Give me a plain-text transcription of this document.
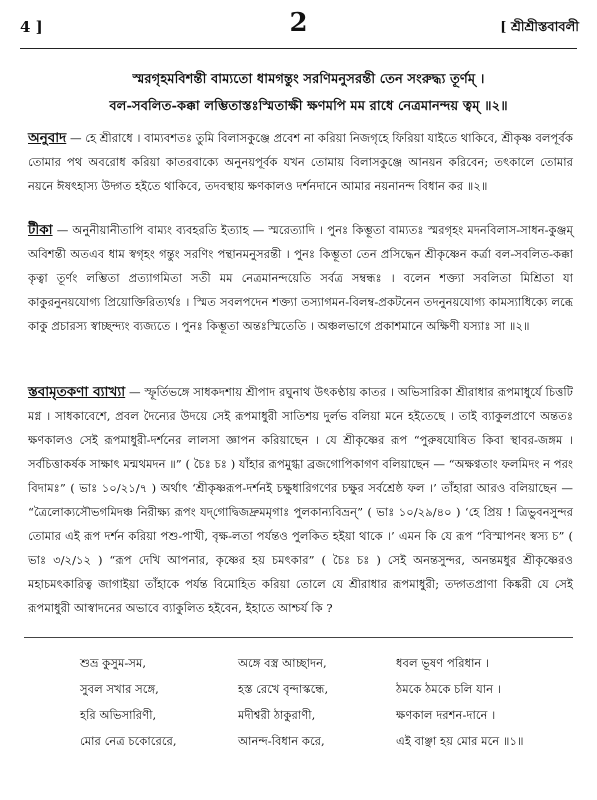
4 ]	2	[ শ্রীশ্রীস্তবাবলী
স্মরগৃহমবিশন্তী বাম্যতো ধামগন্তুং সরণিমনুসরন্তী তেন সংরুদ্ধ্য তূর্ণম্ ।
বল-সবলিত-কক্কা লম্ভিতাস্তঃস্মিতাক্ষী ক্ষণমপি মম রাধে নেত্রমানন্দয় ত্বম্ ॥২॥
অনুবাদ — হে শ্রীরাধে । বাম্যবশতঃ তুমি বিলাসকুঞ্জে প্রবেশ না করিয়া নিজগৃহে ফিরিয়া যাইতে থাকিবে, শ্রীকৃষ্ণ বলপূর্বক তোমার পথ অবরোধ করিয়া কাতরবাক্যে অনুনয়পূর্বক যখন তোমায় বিলাসকুঞ্জে আনয়ন করিবেন; তৎকালে তোমার নয়নে ঈষৎহাস্য উদ্গত হইতে থাকিবে, তদবস্থায় ক্ষণকালও দর্শনদানে আমার নয়নানন্দ বিধান কর ॥২॥
টীকা — অনুনীয়ানীতাপি বাম্যং ব্যবহরতি ইত্যাহ — স্মরেত্যাদি । পুনঃ কিম্ভূতা বাম্যতঃ স্মরগৃহং মদনবিলাস-সাধন-কুঞ্জম্ অবিশন্তী অতএব ধাম স্বগৃহং গন্তুং সরণিং পন্থানমনুসরন্তী । পুনঃ কিম্ভূতা তেন প্রসিদ্ধেন শ্রীকৃষ্ণেন কর্ত্রা বল-সবলিত-কক্কা কৃত্বা তূর্ণং লম্ভিতা প্রত্যাগমিতা সতী মম নেত্রমানন্দয়েতি সর্বত্র সম্বন্ধঃ । বলেন শক্ত্যা সবলিতা মিশ্রিতা যা কাকুরনুনয়যোগ্য প্রিয়োক্তিরিত্যর্থঃ । স্মিত সবলপদেন শক্ত্যা তস্যাগমন-বিলম্ব-প্রকটনেন তদনুনয়যোগ্য কামস্যাধিক্যে লব্ধে কাকু প্রচারস্য স্বাচ্ছন্দ্যং ব্যজ্যতে । পুনঃ কিম্ভূতা অন্তঃস্মিতেতি । অঞ্চলভাগে প্রকাশমানে অক্ষিণী যস্যাঃ সা ॥২॥
স্তবামৃতকণা ব্যাখ্যা — স্ফূর্তিভঙ্গে সাধকদশায় শ্রীপাদ রঘুনাথ উৎকণ্ঠায় কাতর । অভিসারিকা শ্রীরাধার রূপমাধুর্যে চিত্তটি মগ্ন । সাধকাবেশে, প্রবল দৈন্যের উদয়ে সেই রূপমাধুরী সাতিশয় দুর্লভ বলিয়া মনে হইতেছে । তাই ব্যাকুলপ্রাণে অন্ততঃ ক্ষণকালও সেই রূপমাধুরী-দর্শনের লালসা জ্ঞাপন করিয়াছেন । যে শ্রীকৃষ্ণের রূপ “পুরুষযোষিত কিবা স্থাবর-জঙ্গম । সর্বচিত্তাকর্ষক সাক্ষাৎ মন্মথমদন ॥” ( চৈঃ চঃ ) যাঁহার রূপমুগ্ধা ব্রজগোপিকাগণ বলিয়াছেন — “অক্ষণ্বতাং ফলমিদং ন পরং বিদামঃ” ( ভাঃ ১০/২১/৭ ) অর্থাৎ ‘শ্রীকৃষ্ণরূপ-দর্শনই চক্ষুধারিগণের চক্ষুর সর্বশ্রেষ্ঠ ফল ।’ তাঁহারা আরও বলিয়াছেন — “ত্রৈলোক্যসৌভগমিদঞ্চ নিরীক্ষ্য রূপং যদ্‌গোদ্বিজদ্রুমমৃগাঃ পুলকান্যবিভ্রন্” ( ভাঃ ১০/২৯/৪০ ) ‘হে প্রিয় ! ত্রিভুবনসুন্দর তোমার এই রূপ দর্শন করিয়া পশু-পাখী, বৃক্ষ-লতা পর্যন্তও পুলকিত হইয়া থাকে ।’ এমন কি যে রূপ “বিস্মাপনং স্বস্য চ” ( ভাঃ ৩/২/১২ ) “রূপ দেখি আপনার, কৃষ্ণের হয় চমৎকার” ( চৈঃ চঃ ) সেই অনন্তসুন্দর, অনন্তমধুর শ্রীকৃষ্ণেরও মহাচমৎকারিত্ব জাগাইয়া তাঁহাকে পর্যন্ত বিমোহিত করিয়া তোলে যে শ্রীরাধার রূপমাধুরী; তদ্গতপ্রাণা কিঙ্করী যে সেই রূপমাধুরী আস্বাদনের অভাবে ব্যাকুলিত হইবেন, ইহাতে আশ্চর্য কি ?
শুভ্র কুসুম-সম,	অঙ্গে বস্ত্র আচ্ছাদন,	ধবল ভূষণ পরিধান ।
সুবল সখার সঙ্গে,	হস্ত রেখে বৃন্দাস্কন্ধে,	ঠমকে ঠমকে চলি যান ।
হরি অভিসারিণী,	মদীশ্বরী ঠাকুরাণী,	ক্ষণকাল দরশন-দানে ।
মোর নেত্র চকোরেরে,	আনন্দ-বিধান করে,	এই বাঞ্ছা হয় মোর মনে ॥১॥
